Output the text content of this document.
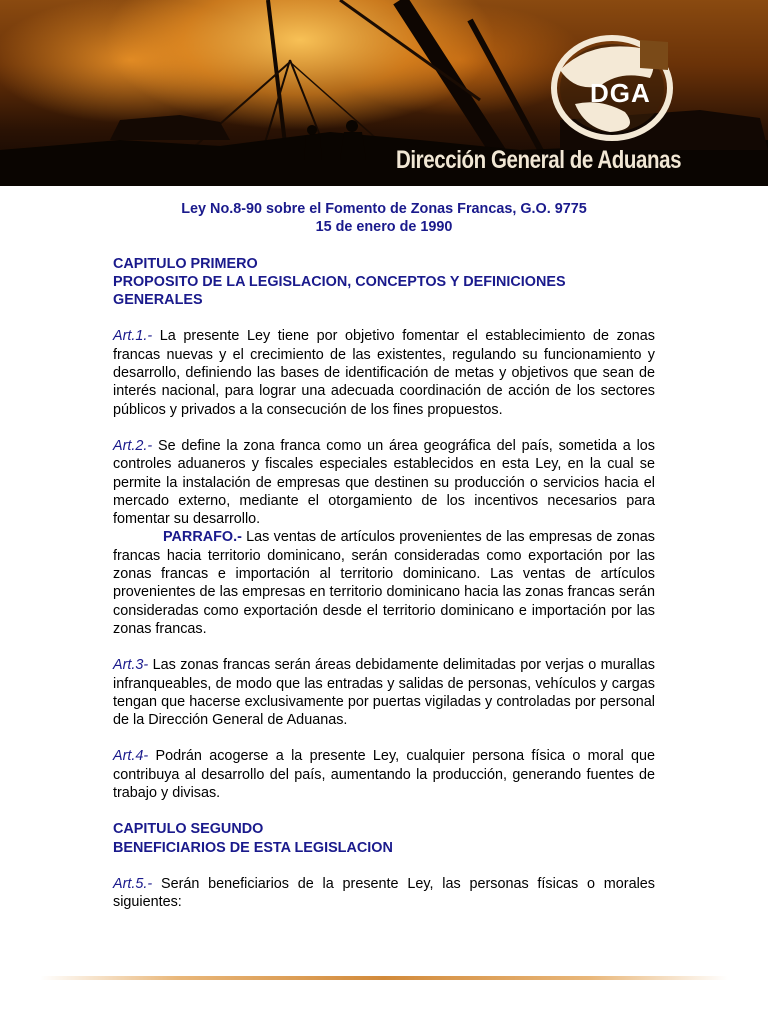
DGA
Dirección General de Aduanas
Ley No.8-90 sobre el Fomento de Zonas Francas, G.O. 9775
15 de enero de 1990
CAPITULO PRIMERO
PROPOSITO DE LA LEGISLACION, CONCEPTOS Y DEFINICIONES GENERALES

Art.1.- La presente Ley tiene por objetivo fomentar el establecimiento de zonas francas nuevas y el crecimiento de las existentes, regulando su funcionamiento y desarrollo, definiendo las bases de identificación de metas y objetivos que sean de interés nacional, para lograr una adecuada coordinación de acción de los sectores públicos y privados a la consecución de los fines propuestos.

Art.2.- Se define la zona franca como un área geográfica del país, sometida a los controles aduaneros y fiscales especiales establecidos en esta Ley, en la cual se permite la instalación de empresas que destinen su producción o servicios hacia el mercado externo, mediante el otorgamiento de los incentivos necesarios para fomentar su desarrollo.

PARRAFO.- Las ventas de artículos provenientes de las empresas de zonas francas hacia territorio dominicano, serán consideradas como exportación por las zonas francas e importación al territorio dominicano. Las ventas de artículos provenientes de las empresas en territorio dominicano hacia las zonas francas serán consideradas como exportación desde el territorio dominicano e importación por las zonas francas.

Art.3- Las zonas francas serán áreas debidamente delimitadas por verjas o murallas infranqueables, de modo que las entradas y salidas de personas, vehículos y cargas tengan que hacerse exclusivamente por puertas vigiladas y controladas por personal de la Dirección General de Aduanas.

Art.4- Podrán acogerse a la presente Ley, cualquier persona física o moral que contribuya al desarrollo del país, aumentando la producción, generando fuentes de trabajo y divisas.

CAPITULO SEGUNDO
BENEFICIARIOS DE ESTA LEGISLACION

Art.5.- Serán beneficiarios de la presente Ley, las personas físicas o morales siguientes:
